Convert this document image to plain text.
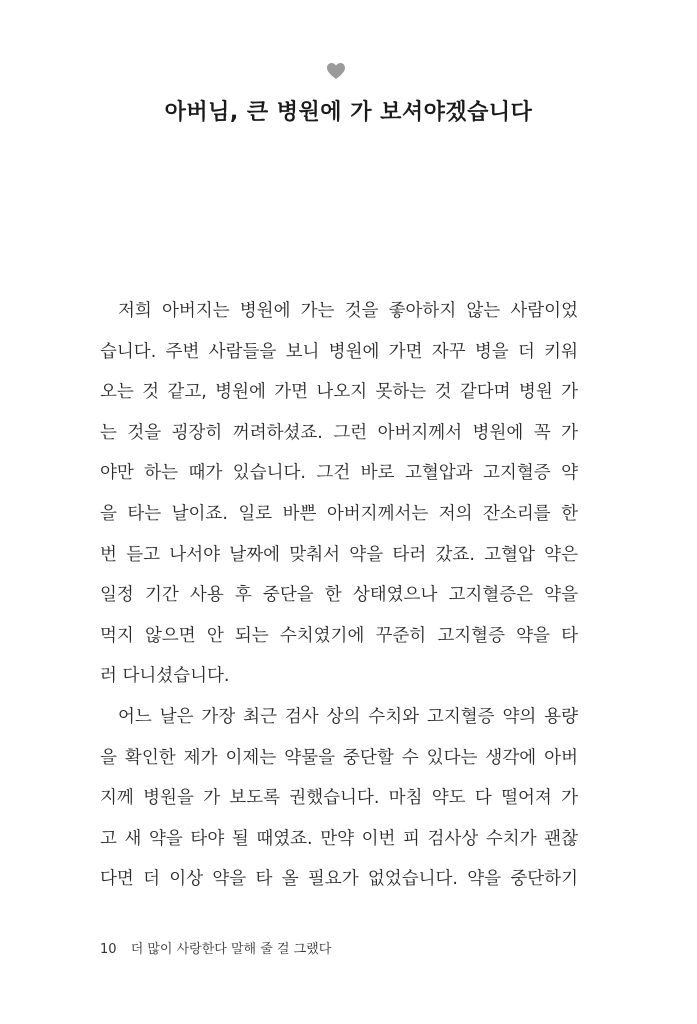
아버님, 큰 병원에 가 보셔야겠습니다
저희 아버지는 병원에 가는 것을 좋아하지 않는 사람이었
습니다. 주변 사람들을 보니 병원에 가면 자꾸 병을 더 키워
오는 것 같고, 병원에 가면 나오지 못하는 것 같다며 병원 가
는 것을 굉장히 꺼려하셨죠. 그런 아버지께서 병원에 꼭 가
야만 하는 때가 있습니다. 그건 바로 고혈압과 고지혈증 약
을 타는 날이죠. 일로 바쁜 아버지께서는 저의 잔소리를 한
번 듣고 나서야 날짜에 맞춰서 약을 타러 갔죠. 고혈압 약은
일정 기간 사용 후 중단을 한 상태였으나 고지혈증은 약을
먹지 않으면 안 되는 수치였기에 꾸준히 고지혈증 약을 타
러 다니셨습니다.
어느 날은 가장 최근 검사 상의 수치와 고지혈증 약의 용량
을 확인한 제가 이제는 약물을 중단할 수 있다는 생각에 아버
지께 병원을 가 보도록 권했습니다. 마침 약도 다 떨어져 가
고 새 약을 타야 될 때였죠. 만약 이번 피 검사상 수치가 괜찮
다면 더 이상 약을 타 올 필요가 없었습니다. 약을 중단하기
10 더 많이 사랑한다 말해 줄 걸 그랬다
